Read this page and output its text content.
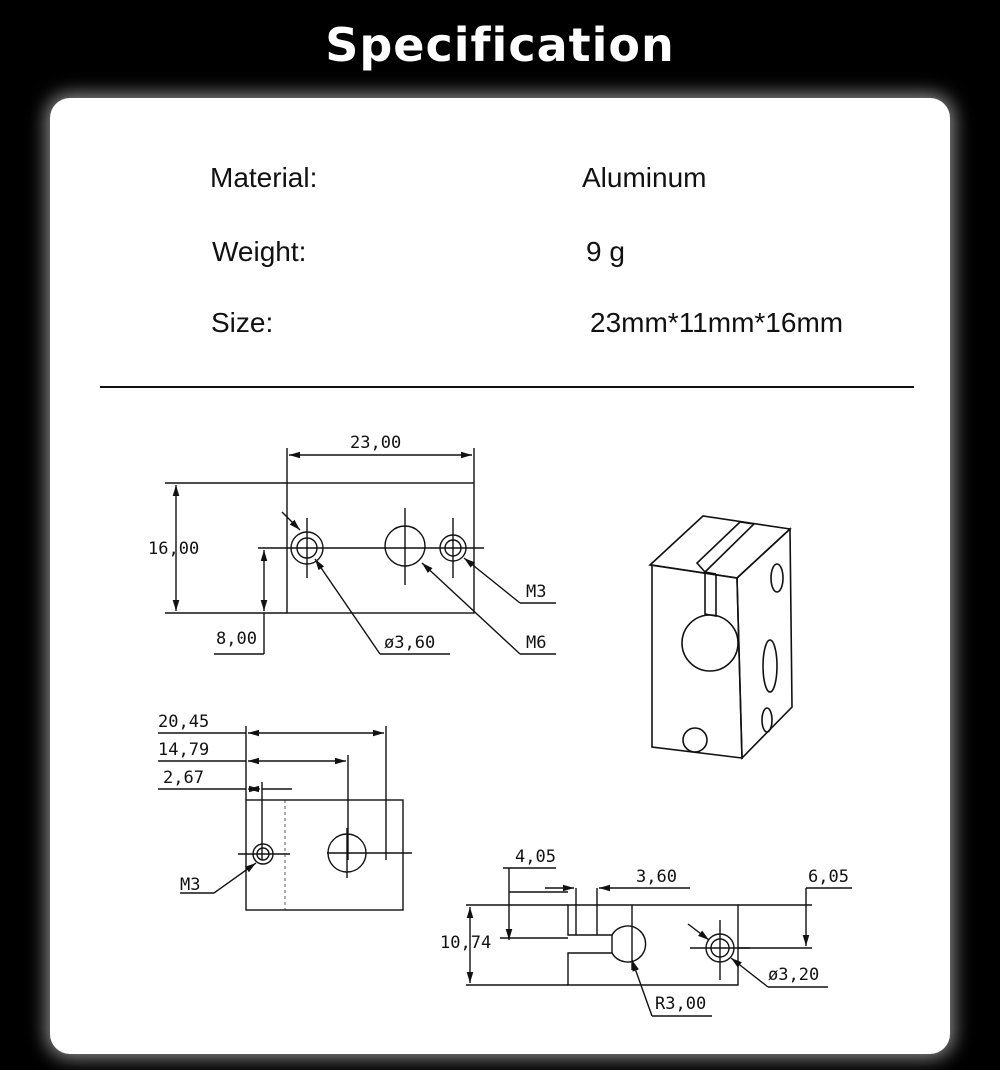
Specification
Material:	Aluminum
Weight:	9 g
Size:	23mm*11mm*16mm
23,00
16,00
8,00	ø3,60	M6
M3
20,45
14,79
2,67
M3
4,05
3,60
10,74
6,05
ø3,20
R3,00
